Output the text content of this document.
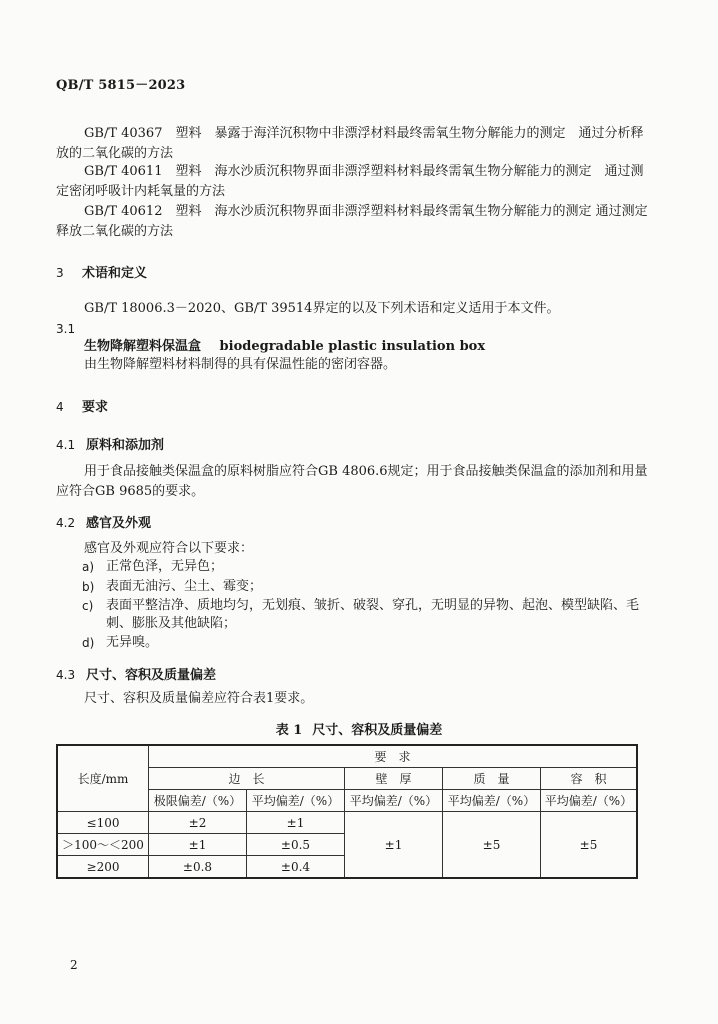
QB/T 5815－2023
GB/T 40367　塑料　暴露于海洋沉积物中非漂浮材料最终需氧生物分解能力的测定　通过分析释
放的二氧化碳的方法
GB/T 40611　塑料　海水沙质沉积物界面非漂浮塑料材料最终需氧生物分解能力的测定　通过测
定密闭呼吸计内耗氧量的方法
GB/T 40612　塑料　海水沙质沉积物界面非漂浮塑料材料最终需氧生物分解能力的测定 通过测定
释放二氧化碳的方法
3 术语和定义
GB/T 18006.3－2020、GB/T 39514界定的以及下列术语和定义适用于本文件。
3.1
生物降解塑料保温盒 biodegradable plastic insulation box
由生物降解塑料材料制得的具有保温性能的密闭容器。
4 要求
4.1 原料和添加剂
用于食品接触类保温盒的原料树脂应符合GB 4806.6规定；用于食品接触类保温盒的添加剂和用量
应符合GB 9685的要求。
4.2 感官及外观
感官及外观应符合以下要求：
a) 正常色泽，无异色；
b) 表面无油污、尘土、霉变；
c) 表面平整洁净、质地均匀，无划痕、皱折、破裂、穿孔，无明显的异物、起泡、模型缺陷、毛
刺、膨胀及其他缺陷；
d) 无异嗅。
4.3 尺寸、容积及质量偏差
尺寸、容积及质量偏差应符合表1要求。
表 1 尺寸、容积及质量偏差
长度/mm	要　求				
	边　长		壁　厚	质　量	容　积
	极限偏差/（%）	平均偏差/（%）	平均偏差/（%）	平均偏差/（%）	平均偏差/（%）
≤100	±2	±1	±1	±5	±5
＞100～＜200	±1	±0.5			
≥200	±0.8	±0.4			
2
